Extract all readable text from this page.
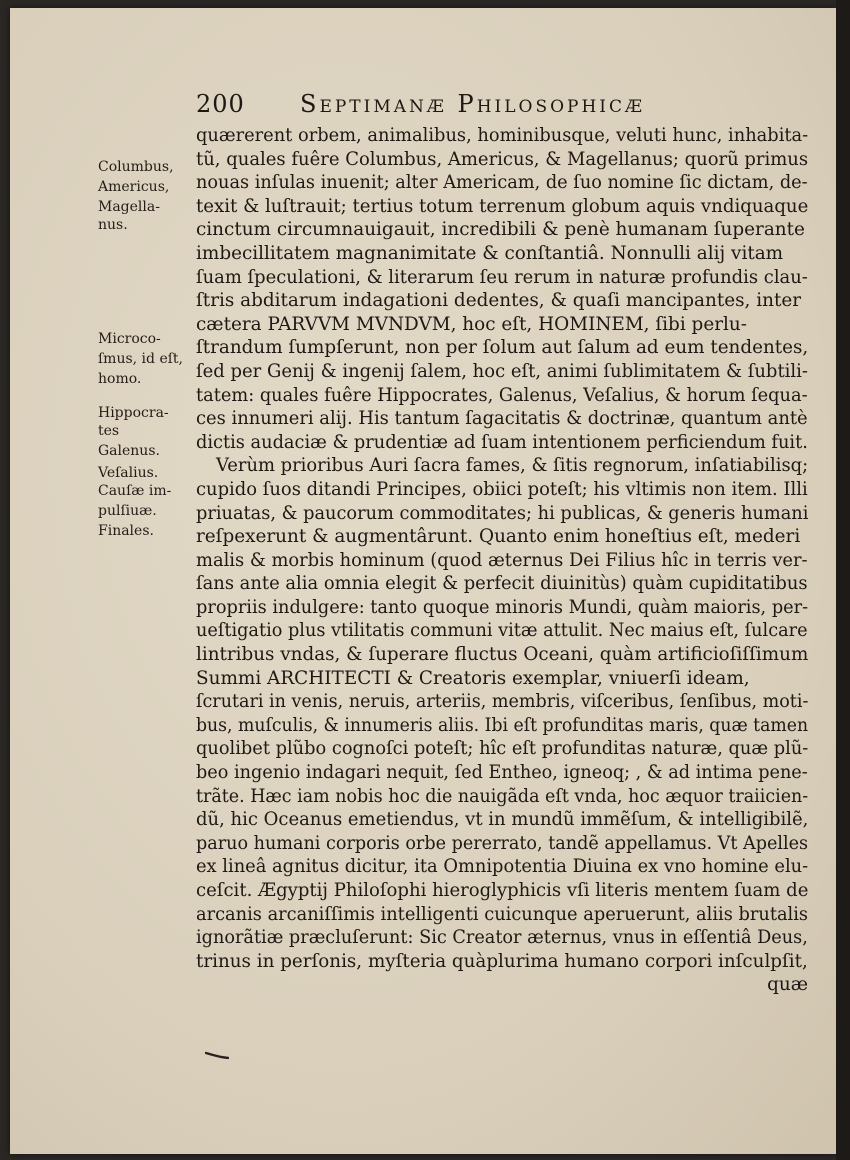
200 Septimanæ Philosophicæ
Columbus,
Americus,
Magella-
nus.
Microco-
ſmus, id eſt,
homo.
Hippocra-
tes
Galenus.
Veſalius.
Cauſæ im-
pulſiuæ.
Finales.
quærerent orbem, animalibus, hominibusque, veluti hunc, inhabita-
tũ, quales fuêre Columbus, Americus, & Magellanus; quorũ primus
nouas inſulas inuenit; alter Americam, de ſuo nomine ſic dictam, de-
texit & luſtrauit; tertius totum terrenum globum aquis vndiquaque
cinctum circumnauigauit, incredibili & penè humanam ſuperante
imbecillitatem magnanimitate & conſtantiâ. Nonnulli alij vitam
ſuam ſpeculationi, & literarum ſeu rerum in naturæ profundis clau-
ſtris abditarum indagationi dedentes, & quaſi mancipantes, inter
cætera PARVVM MVNDVM, hoc eſt, HOMINEM, ſibi perlu-
ſtrandum ſumpſerunt, non per ſolum aut ſalum ad eum tendentes,
ſed per Genij & ingenij ſalem, hoc eſt, animi ſublimitatem & ſubtili-
tatem: quales fuêre Hippocrates, Galenus, Veſalius, & horum ſequa-
ces innumeri alij. His tantum ſagacitatis & doctrinæ, quantum antè
dictis audaciæ & prudentiæ ad ſuam intentionem perficiendum fuit.
Verùm prioribus Auri ſacra fames, & ſitis regnorum, inſatiabilisq;
cupido ſuos ditandi Principes, obiici poteſt; his vltimis non item. Illi
priuatas, & paucorum commoditates; hi publicas, & generis humani
reſpexerunt & augmentârunt. Quanto enim honeſtius eſt, mederi
malis & morbis hominum (quod æternus Dei Filius hîc in terris ver-
ſans ante alia omnia elegit & perfecit diuinitùs) quàm cupiditatibus
propriis indulgere: tanto quoque minoris Mundi, quàm maioris, per-
ueſtigatio plus vtilitatis communi vitæ attulit. Nec maius eſt, ſulcare
lintribus vndas, & ſuperare fluctus Oceani, quàm artificioſiſſimum
Summi ARCHITECTI & Creatoris exemplar, vniuerſi ideam,
ſcrutari in venis, neruis, arteriis, membris, viſceribus, ſenſibus, moti-
bus, muſculis, & innumeris aliis. Ibi eſt profunditas maris, quæ tamen
quolibet plũbo cognoſci poteſt; hîc eſt profunditas naturæ, quæ plũ-
beo ingenio indagari nequit, ſed Entheo, igneoq; , & ad intima pene-
trãte. Hæc iam nobis hoc die nauigãda eſt vnda, hoc æquor traiicien-
dũ, hic Oceanus emetiendus, vt in mundũ immẽſum, & intelligibilẽ,
paruo humani corporis orbe pererrato, tandẽ appellamus. Vt Apelles
ex lineâ agnitus dicitur, ita Omnipotentia Diuina ex vno homine elu-
ceſcit. Ægyptij Philoſophi hieroglyphicis vſi literis mentem ſuam de
arcanis arcaniſſimis intelligenti cuicunque aperuerunt, aliis brutalis
ignorãtiæ præcluſerunt: Sic Creator æternus, vnus in eſſentiâ Deus,
trinus in perſonis, myſteria quàplurima humano corpori inſculpſit,
quæ
